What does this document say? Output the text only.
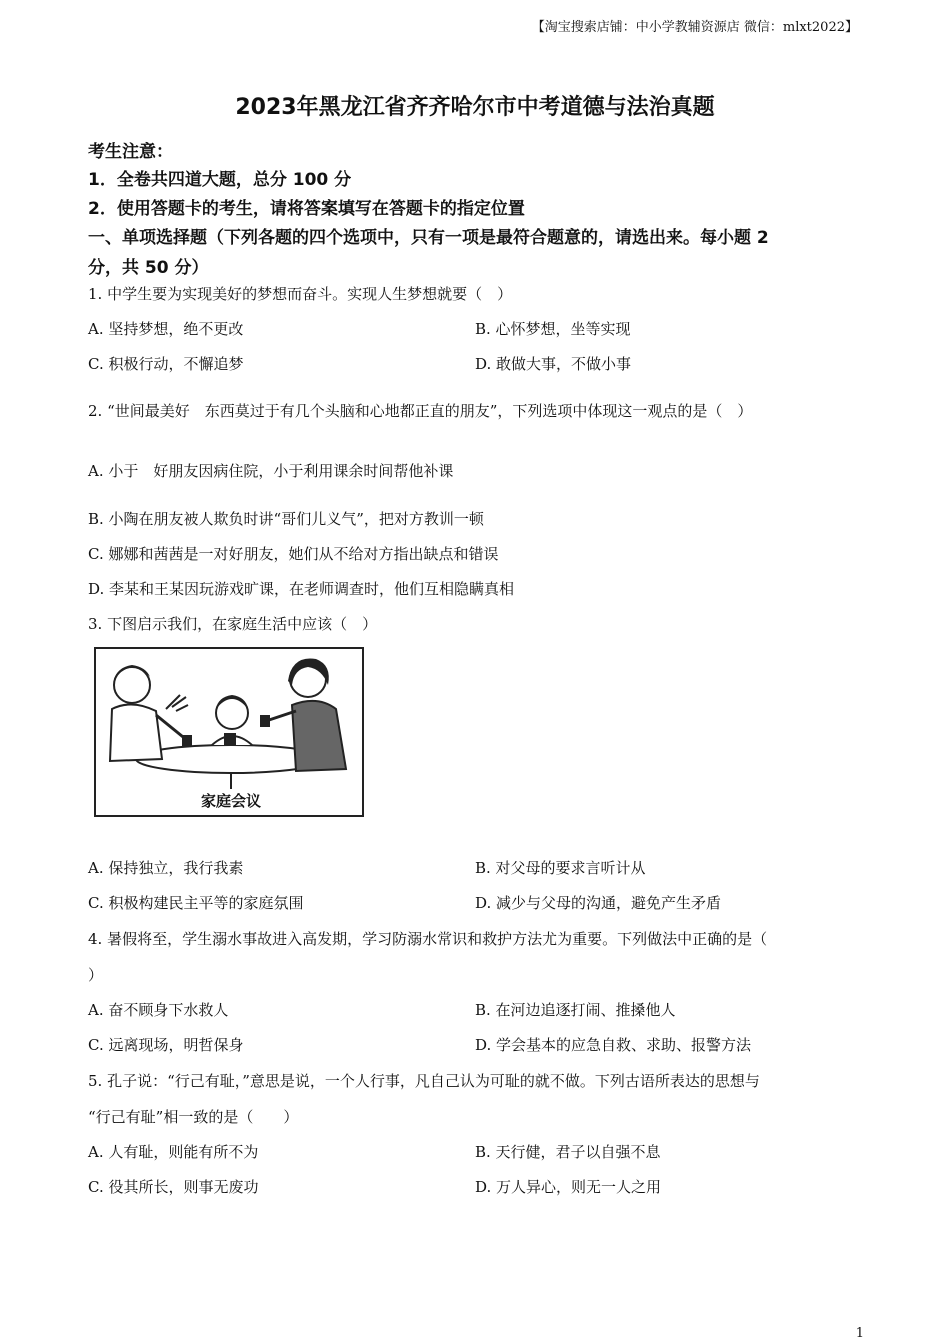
【淘宝搜索店铺：中小学教辅资源店 微信：mlxt2022】
2023年黑龙江省齐齐哈尔市中考道德与法治真题
考生注意：
1．全卷共四道大题，总分 100 分
2．使用答题卡的考生，请将答案填写在答题卡的指定位置
一、单项选择题（下列各题的四个选项中，只有一项是最符合题意的，请选出来。每小题 2
分，共 50 分）
1. 中学生要为实现美好的梦想而奋斗。实现人生梦想就要（　）
A. 坚持梦想，绝不更改	B. 心怀梦想，坐等实现
C. 积极行动，不懈追梦	D. 敢做大事，不做小事
2. “世间最美好　东西莫过于有几个头脑和心地都正直的朋友”，下列选项中体现这一观点的是（　）
A. 小于　好朋友因病住院，小于利用课余时间帮他补课
B. 小陶在朋友被人欺负时讲“哥们儿义气”，把对方教训一顿
C. 娜娜和茜茜是一对好朋友，她们从不给对方指出缺点和错误
D. 李某和王某因玩游戏旷课，在老师调查时，他们互相隐瞒真相
3. 下图启示我们，在家庭生活中应该（　）
家庭会议
A. 保持独立，我行我素	B. 对父母的要求言听计从
C. 积极构建民主平等的家庭氛围	D. 减少与父母的沟通，避免产生矛盾
4. 暑假将至，学生溺水事故进入高发期，学习防溺水常识和救护方法尤为重要。下列做法中正确的是（
）
A. 奋不顾身下水救人	B. 在河边追逐打闹、推搡他人
C. 远离现场，明哲保身	D. 学会基本的应急自救、求助、报警方法
5. 孔子说：“行己有耻，”意思是说，一个人行事，凡自己认为可耻的就不做。下列古语所表达的思想与
“行己有耻”相一致的是（　　）
A. 人有耻，则能有所不为	B. 天行健，君子以自强不息
C. 役其所长，则事无废功	D. 万人异心，则无一人之用
1
